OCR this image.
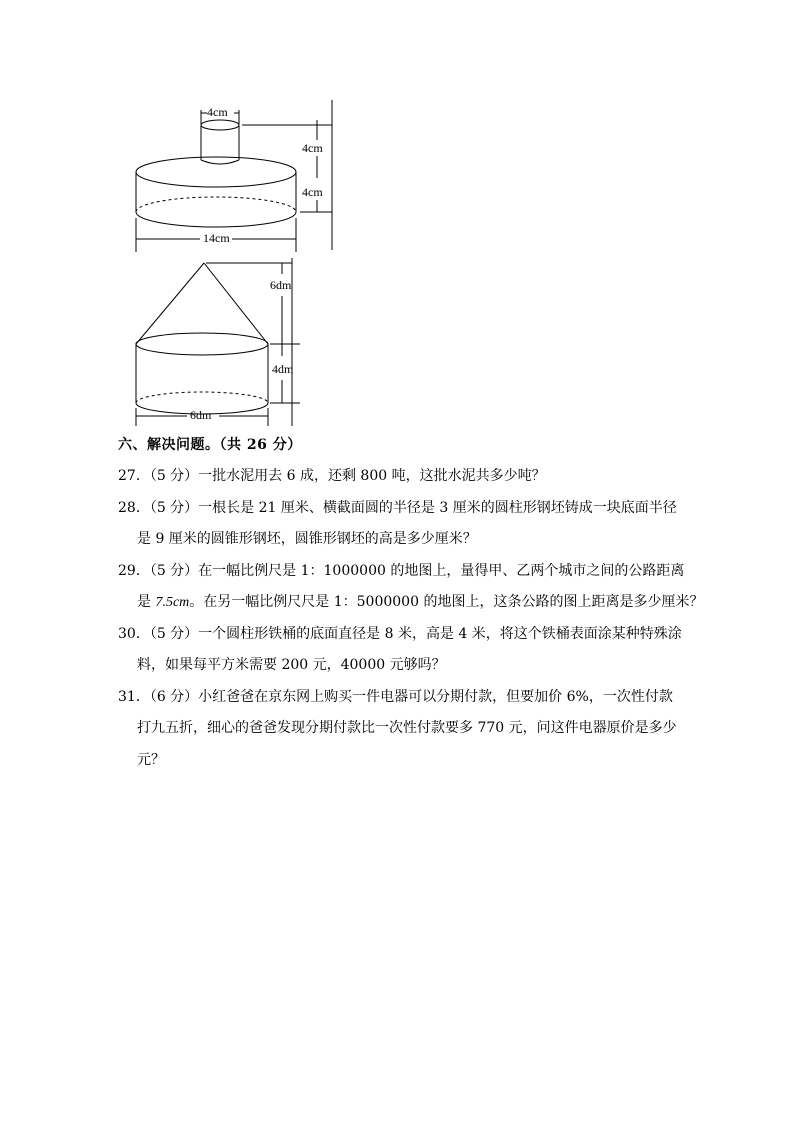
4cm
4cm
4cm
14cm
6dm
4dm
6dm
六、解决问题。（共 26 分）
27．（5 分）一批水泥用去 6 成，还剩 800 吨，这批水泥共多少吨？
28．（5 分）一根长是 21 厘米、横截面圆的半径是 3 厘米的圆柱形钢坯铸成一块底面半径
是 9 厘米的圆锥形钢坯，圆锥形钢坯的高是多少厘米？
29．（5 分）在一幅比例尺是 1：1000000 的地图上，量得甲、乙两个城市之间的公路距离
是 7.5cm。在另一幅比例尺尺是 1：5000000 的地图上，这条公路的图上距离是多少厘米？
30．（5 分）一个圆柱形铁桶的底面直径是 8 米，高是 4 米，将这个铁桶表面涂某种特殊涂
料，如果每平方米需要 200 元，40000 元够吗？
31．（6 分）小红爸爸在京东网上购买一件电器可以分期付款，但要加价 6%，一次性付款
打九五折，细心的爸爸发现分期付款比一次性付款要多 770 元，问这件电器原价是多少
元？
